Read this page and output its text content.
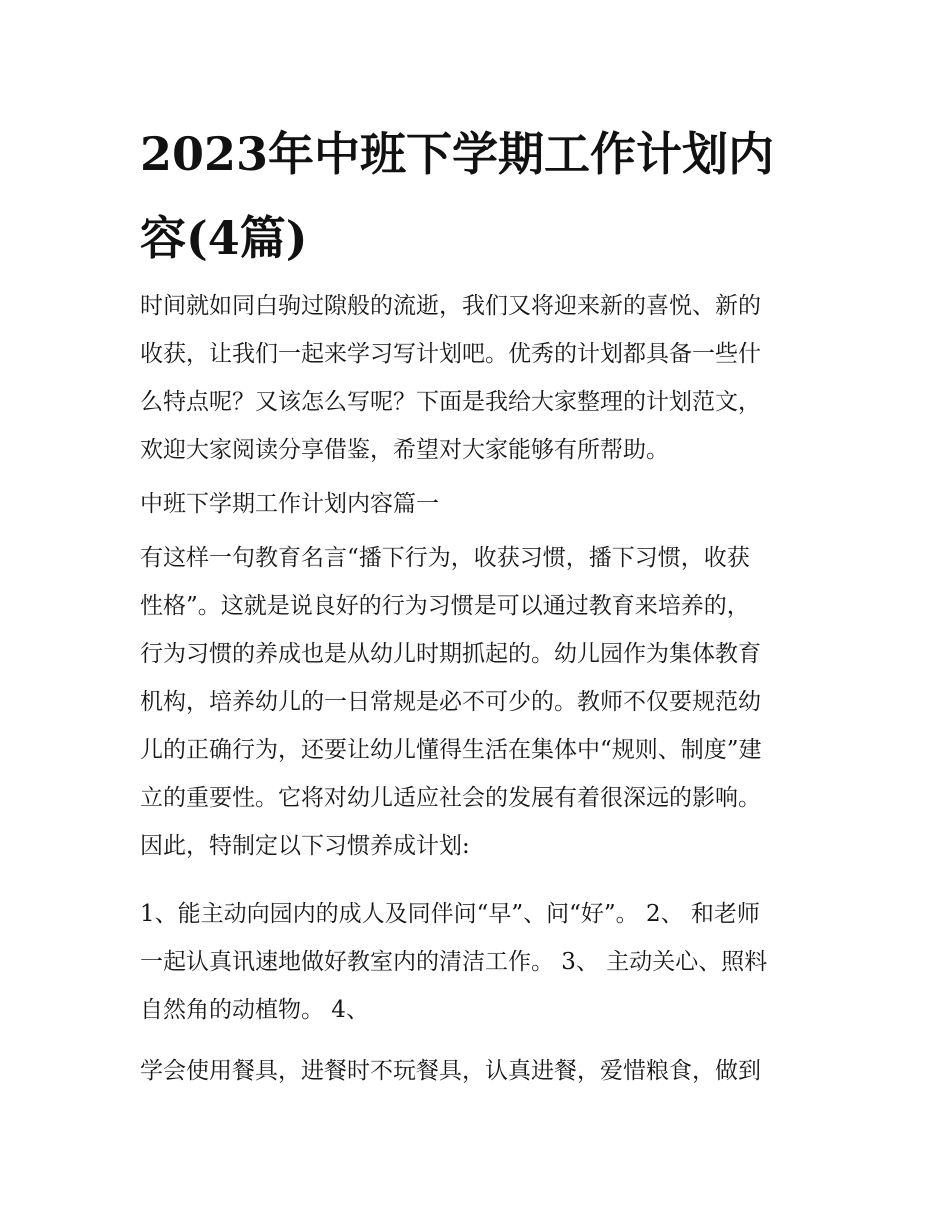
2023年中班下学期工作计划内
容(4篇)
时间就如同白驹过隙般的流逝，我们又将迎来新的喜悦、新的
收获，让我们一起来学习写计划吧。优秀的计划都具备一些什
么特点呢？又该怎么写呢？下面是我给大家整理的计划范文，
欢迎大家阅读分享借鉴，希望对大家能够有所帮助。
中班下学期工作计划内容篇一
有这样一句教育名言“播下行为，收获习惯，播下习惯，收获
性格”。这就是说良好的行为习惯是可以通过教育来培养的，
行为习惯的养成也是从幼儿时期抓起的。幼儿园作为集体教育
机构，培养幼儿的一日常规是必不可少的。教师不仅要规范幼
儿的正确行为，还要让幼儿懂得生活在集体中“规则、制度”建
立的重要性。它将对幼儿适应社会的发展有着很深远的影响。
因此，特制定以下习惯养成计划:
1、能主动向园内的成人及同伴问“早”、问“好”。 2、 和老师
一起认真讯速地做好教室内的清洁工作。 3、 主动关心、照料
自然角的动植物。 4、
学会使用餐具，进餐时不玩餐具，认真进餐，爱惜粮食，做到
